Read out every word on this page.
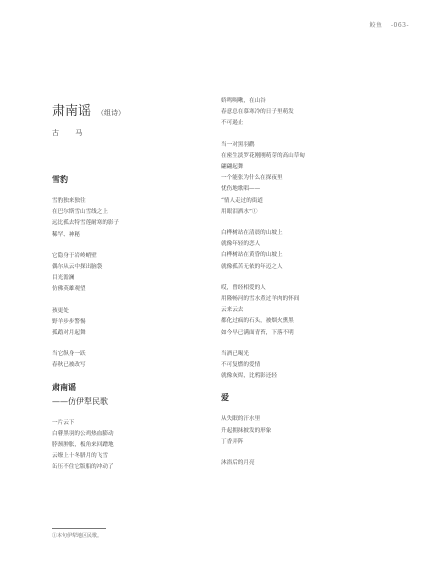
鲛鱼 -063-
肃南谣 （组诗）
古 马
雪豹
雪豹独来独往
在巴尔斯雪山雪线之上
远比孤去特雪莲耐寒的影子
稀罕、神秘
它隐身于岩岭峭壁
偶尔从云中探出脑袋
目光澹澜
仿佛英雄观望
孩更处
野羊步步警惕
孤鹉对月起舞
当它纵身一跃
春秋已被改写
肃南谣
——仿伊犁民歌
一片云下
白瞽黑羽的公鸡热血膨动
脖颈肿胀，板角来回蹭地
云缭上十冬腊月的飞雪
缶压不住它版船的冲动了
娇鸣啁啾，在山谷
春意总在慕寒冷的日子里萌发
不可遏止
当一对黑羽鹳
在密生淡罗花刚刚萌芽的高山草甸
翩翩起舞
一个能张为什么在探夜里
忧伤地歌唱——
“情人走过的街道
用眼泪洒水”①
白桦树站在清晨的山坡上
就像年轻的恋人
白桦树站在黄昏的山坡上
就像孤苦无依的年迈之人
哎，曾经相爱的人
用隆畅河的雪水煮过羊肉的怀间
云来云去
都化过疯的石头，被烟火熏黑
如今早已满面青苔，下落不明
当酒已喝光
不可复燃的爱情
就像灰烬，比鸦影还轻
爱
从失眠的汗水里
升起拥抹披发的形象
丁香弄阵
沐浴后的月亮
①本句伊犁地区民歌。
